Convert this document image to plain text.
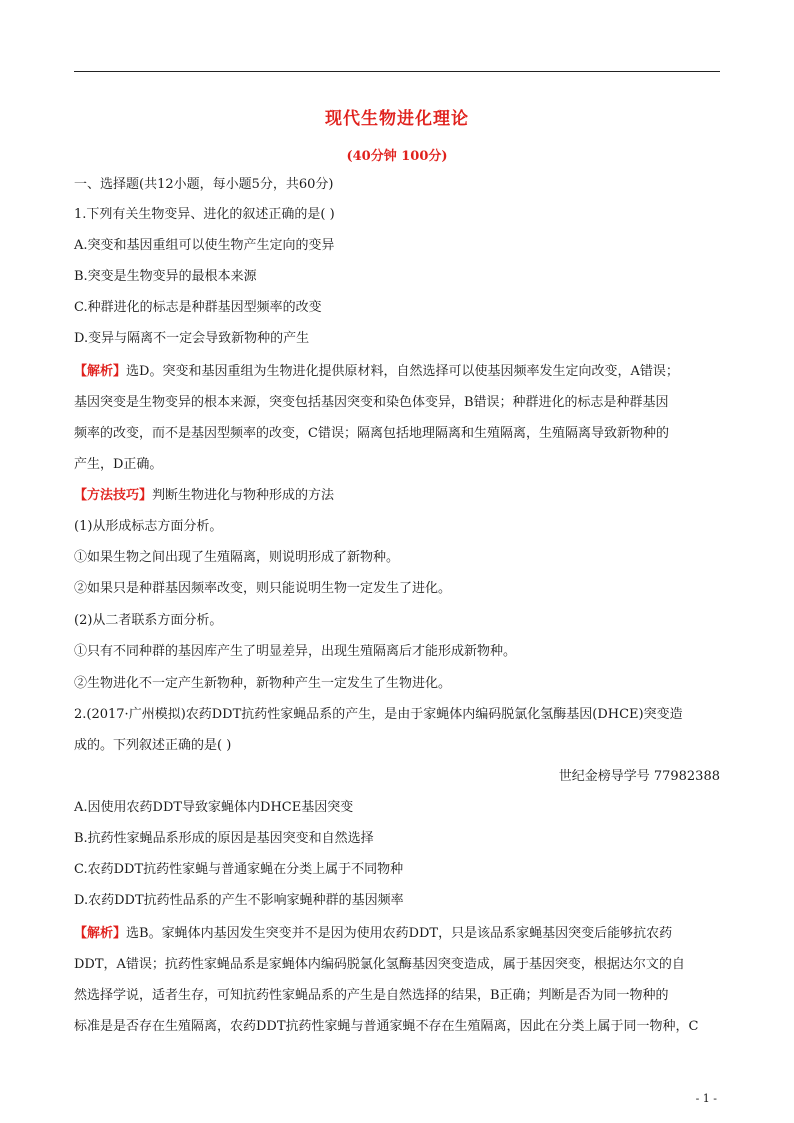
现代生物进化理论
(40分钟 100分)
一、选择题(共12小题，每小题5分，共60分)
1.下列有关生物变异、进化的叙述正确的是( )
A.突变和基因重组可以使生物产生定向的变异
B.突变是生物变异的最根本来源
C.种群进化的标志是种群基因型频率的改变
D.变异与隔离不一定会导致新物种的产生
【解析】选D。突变和基因重组为生物进化提供原材料，自然选择可以使基因频率发生定向改变，A错误；
基因突变是生物变异的根本来源，突变包括基因突变和染色体变异，B错误；种群进化的标志是种群基因
频率的改变，而不是基因型频率的改变，C错误；隔离包括地理隔离和生殖隔离，生殖隔离导致新物种的
产生，D正确。
【方法技巧】判断生物进化与物种形成的方法
(1)从形成标志方面分析。
①如果生物之间出现了生殖隔离，则说明形成了新物种。
②如果只是种群基因频率改变，则只能说明生物一定发生了进化。
(2)从二者联系方面分析。
①只有不同种群的基因库产生了明显差异，出现生殖隔离后才能形成新物种。
②生物进化不一定产生新物种，新物种产生一定发生了生物进化。
2.(2017·广州模拟)农药DDT抗药性家蝇品系的产生，是由于家蝇体内编码脱氯化氢酶基因(DHCE)突变造
成的。下列叙述正确的是( )
世纪金榜导学号 77982388
A.因使用农药DDT导致家蝇体内DHCE基因突变
B.抗药性家蝇品系形成的原因是基因突变和自然选择
C.农药DDT抗药性家蝇与普通家蝇在分类上属于不同物种
D.农药DDT抗药性品系的产生不影响家蝇种群的基因频率
【解析】选B。家蝇体内基因发生突变并不是因为使用农药DDT，只是该品系家蝇基因突变后能够抗农药
DDT，A错误；抗药性家蝇品系是家蝇体内编码脱氯化氢酶基因突变造成，属于基因突变，根据达尔文的自
然选择学说，适者生存，可知抗药性家蝇品系的产生是自然选择的结果，B正确；判断是否为同一物种的
标准是是否存在生殖隔离，农药DDT抗药性家蝇与普通家蝇不存在生殖隔离，因此在分类上属于同一物种，C
- 1 -
